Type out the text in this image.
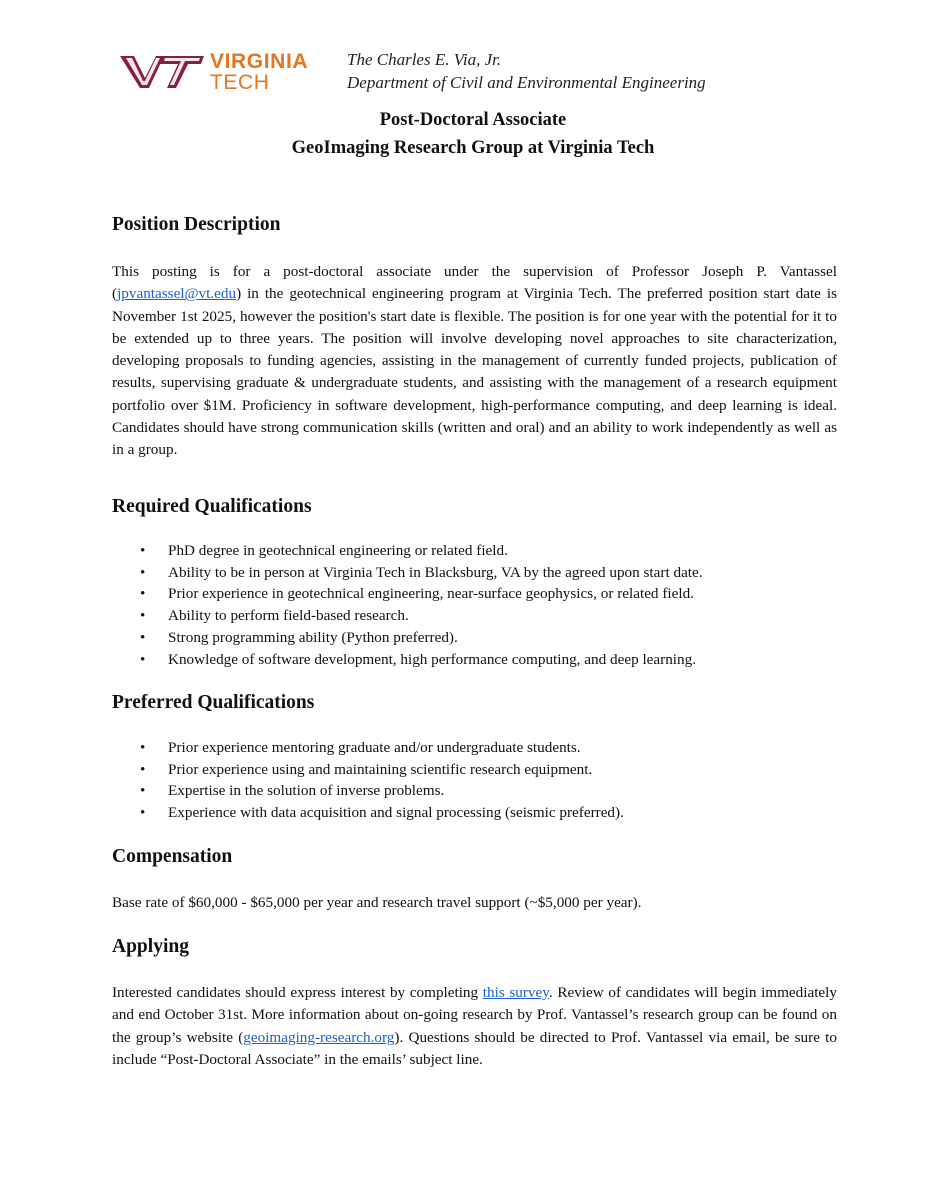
VIRGINIA
TECH
The Charles E. Via, Jr.
Department of Civil and Environmental Engineering
Post-Doctoral Associate
GeoImaging Research Group at Virginia Tech
Position Description

This posting is for a post-doctoral associate under the supervision of Professor Joseph P. Vantassel (jpvantassel@vt.edu) in the geotechnical engineering program at Virginia Tech. The preferred position start date is November 1st 2025, however the position's start date is flexible. The position is for one year with the potential for it to be extended up to three years. The position will involve developing novel approaches to site characterization, developing proposals to funding agencies, assisting in the management of currently funded projects, publication of results, supervising graduate & undergraduate students, and assisting with the management of a research equipment portfolio over $1M. Proficiency in software development, high-performance computing, and deep learning is ideal. Candidates should have strong communication skills (written and oral) and an ability to work independently as well as in a group.

Required Qualifications
• PhD degree in geotechnical engineering or related field.
• Ability to be in person at Virginia Tech in Blacksburg, VA by the agreed upon start date.
• Prior experience in geotechnical engineering, near-surface geophysics, or related field.
• Ability to perform field-based research.
• Strong programming ability (Python preferred).
• Knowledge of software development, high performance computing, and deep learning.
Preferred Qualifications
• Prior experience mentoring graduate and/or undergraduate students.
• Prior experience using and maintaining scientific research equipment.
• Expertise in the solution of inverse problems.
• Experience with data acquisition and signal processing (seismic preferred).
Compensation

Base rate of $60,000 - $65,000 per year and research travel support (~$5,000 per year).

Applying

Interested candidates should express interest by completing this survey. Review of candidates will begin immediately and end October 31st. More information about on-going research by Prof. Vantassel’s research group can be found on the group’s website (geoimaging-research.org). Questions should be directed to Prof. Vantassel via email, be sure to include “Post-Doctoral Associate” in the emails’ subject line.
